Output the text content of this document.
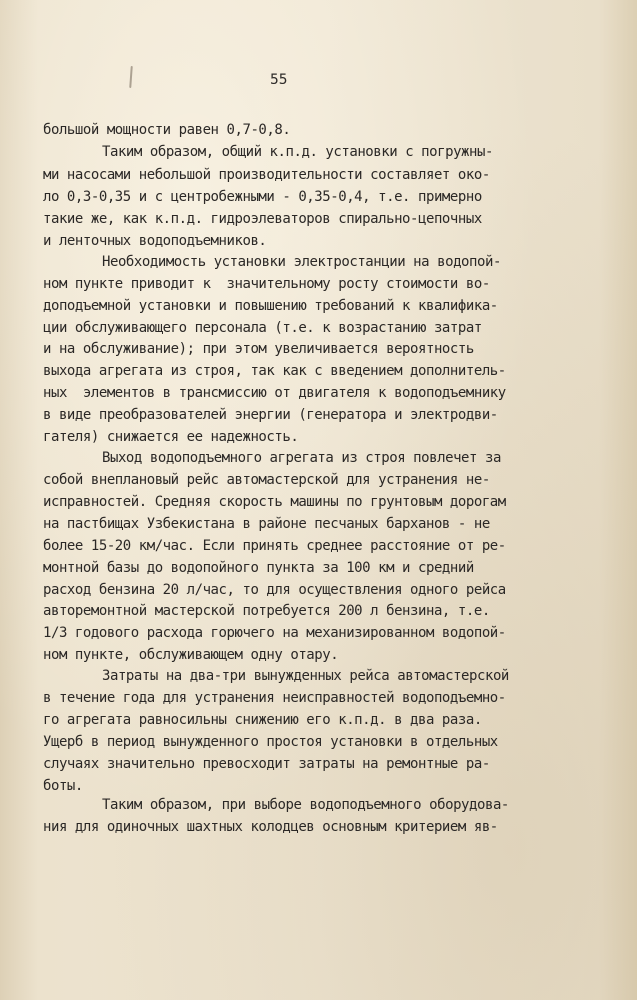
55
большой мощности равен 0,7-0,8.
Таким образом, общий к.п.д. установки с погружны-
ми насосами небольшой производительности составляет око-
ло 0,3-0,35 и с центробежными - 0,35-0,4, т.е. примерно
такие же, как к.п.д. гидроэлеваторов спирально-цепочных
и ленточных водоподъемников.
Необходимость установки электростанции на водопой-
ном пункте приводит к  значительному росту стоимости во-
доподъемной установки и повышению требований к квалифика-
ции обслуживающего персонала (т.е. к возрастанию затрат
и на обслуживание); при этом увеличивается вероятность
выхода агрегата из строя, так как с введением дополнитель-
ных  элементов в трансмиссию от двигателя к водоподъемнику
в виде преобразователей энергии (генератора и электродви-
гателя) снижается ее надежность.
Выход водоподъемного агрегата из строя повлечет за
собой внеплановый рейс автомастерской для устранения не-
исправностей. Средняя скорость машины по грунтовым дорогам
на пастбищах Узбекистана в районе песчаных барханов - не
более 15-20 км/час. Если принять среднее расстояние от ре-
монтной базы до водопойного пункта за 100 км и средний
расход бензина 20 л/час, то для осуществления одного рейса
авторемонтной мастерской потребуется 200 л бензина, т.е.
1/3 годового расхода горючего на механизированном водопой-
ном пункте, обслуживающем одну отару.
Затраты на два-три вынужденных рейса автомастерской
в течение года для устранения неисправностей водоподъемно-
го агрегата равносильны снижению его к.п.д. в два раза.
Ущерб в период вынужденного простоя установки в отдельных
случаях значительно превосходит затраты на ремонтные ра-
боты.
Таким образом, при выборе водоподъемного оборудова-
ния для одиночных шахтных колодцев основным критерием яв-
